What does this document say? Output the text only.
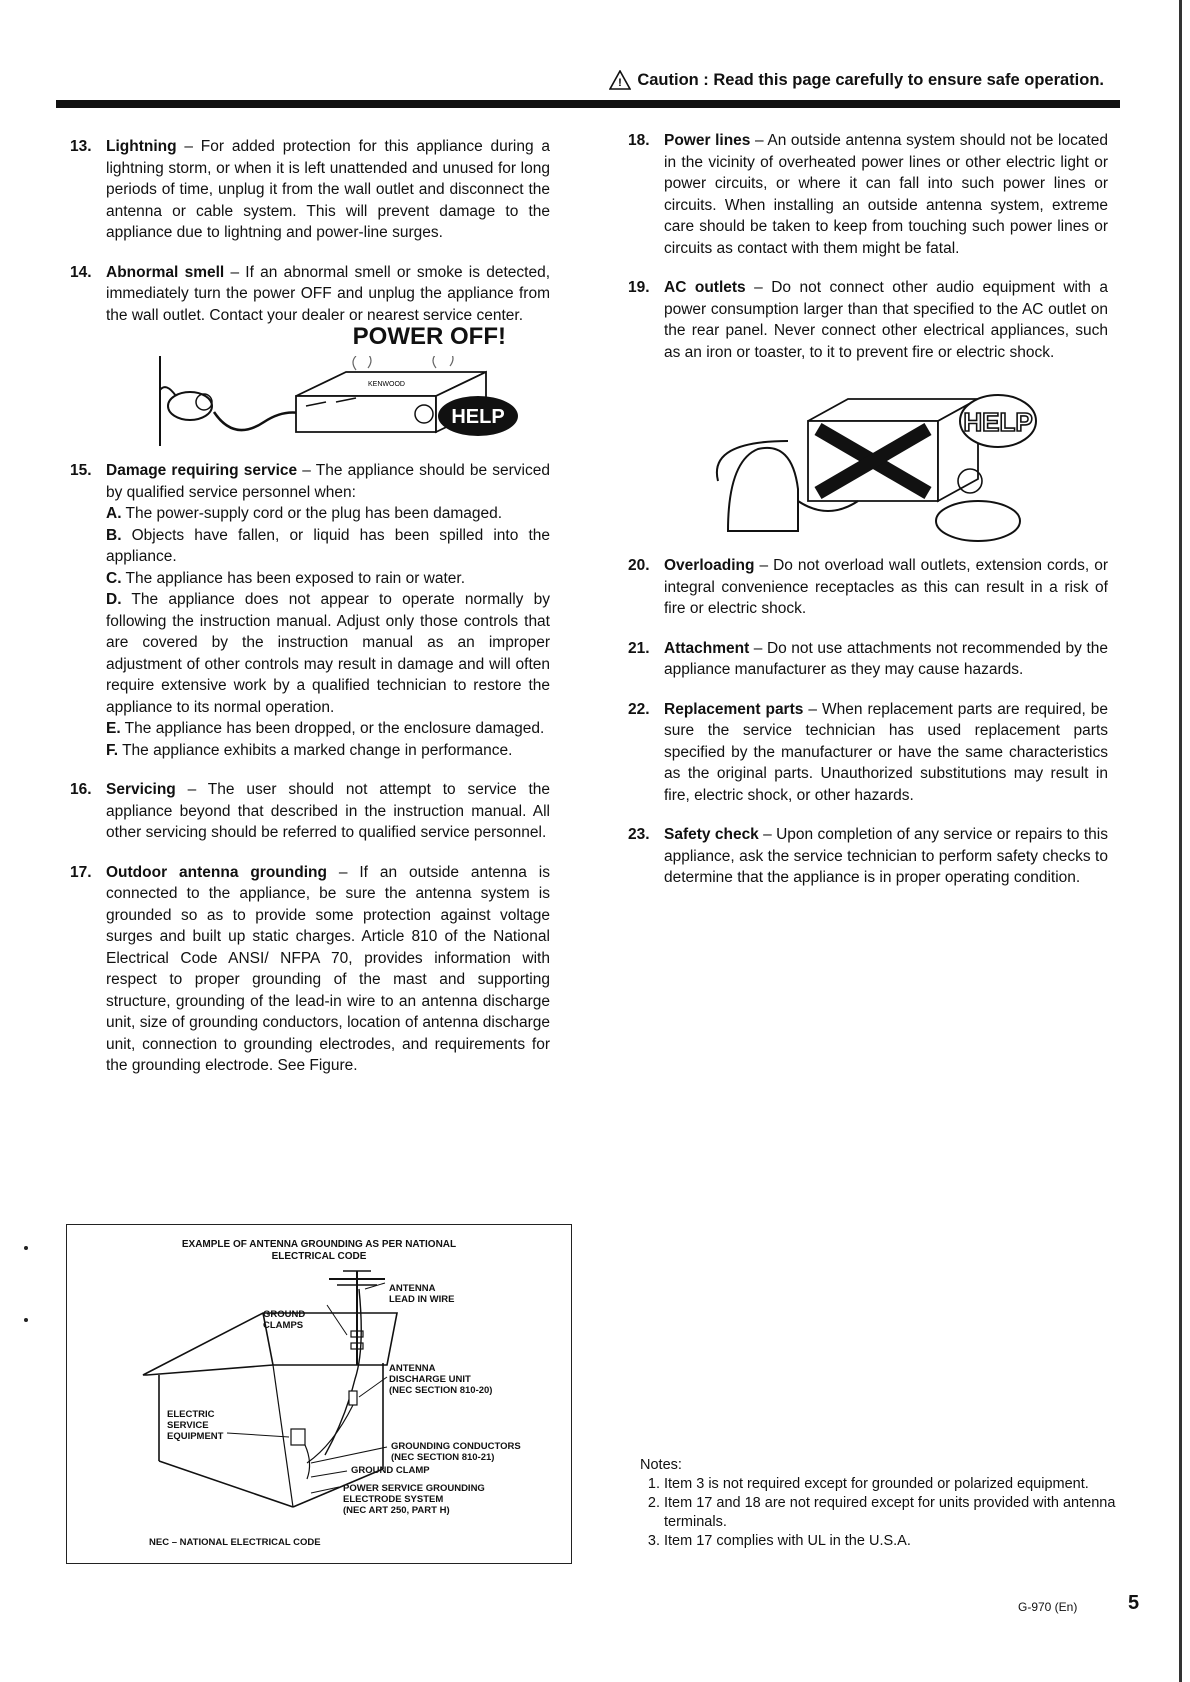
! Caution : Read this page carefully to ensure safe operation.
13. Lightning – For added protection for this appliance during a lightning storm, or when it is left unattended and unused for long periods of time, unplug it from the wall outlet and disconnect the antenna or cable system. This will prevent damage to the appliance due to lightning and power-line surges.
14. Abnormal smell – If an abnormal smell or smoke is detected, immediately turn the power OFF and unplug the appliance from the wall outlet. Contact your dealer or nearest service center.
POWER OFF!
KENWOOD
HELP
15. Damage requiring service – The appliance should be serviced by qualified service personnel when:
A. The power-supply cord or the plug has been damaged.
B. Objects have fallen, or liquid has been spilled into the appliance.
C. The appliance has been exposed to rain or water.
D. The appliance does not appear to operate normally by following the instruction manual. Adjust only those controls that are covered by the instruction manual as an improper adjustment of other controls may result in damage and will often require extensive work by a qualified technician to restore the appliance to its normal operation.
E. The appliance has been dropped, or the enclosure damaged.
F. The appliance exhibits a marked change in performance.
16. Servicing – The user should not attempt to service the appliance beyond that described in the instruction manual. All other servicing should be referred to qualified service personnel.
17. Outdoor antenna grounding – If an outside antenna is connected to the appliance, be sure the antenna system is grounded so as to provide some protection against voltage surges and built up static charges. Article 810 of the National Electrical Code ANSI/ NFPA 70, provides information with respect to proper grounding of the mast and supporting structure, grounding of the lead-in wire to an antenna discharge unit, size of grounding conductors, location of antenna discharge unit, connection to grounding electrodes, and requirements for the grounding electrode. See Figure.
EXAMPLE OF ANTENNA GROUNDING AS PER NATIONAL
ELECTRICAL CODE
ANTENNA
LEAD IN WIRE
GROUND
CLAMPS
ANTENNA
DISCHARGE UNIT
(NEC SECTION 810-20)
ELECTRIC
SERVICE
EQUIPMENT
GROUNDING CONDUCTORS
(NEC SECTION 810-21)
GROUND CLAMP
POWER SERVICE GROUNDING
ELECTRODE SYSTEM
(NEC ART 250, PART H)
NEC – NATIONAL ELECTRICAL CODE
18. Power lines – An outside antenna system should not be located in the vicinity of overheated power lines or other electric light or power circuits, or where it can fall into such power lines or circuits. When installing an outside antenna system, extreme care should be taken to keep from touching such power lines or circuits as contact with them might be fatal.
19. AC outlets – Do not connect other audio equipment with a power consumption larger than that specified to the AC outlet on the rear panel. Never connect other electrical appliances, such as an iron or toaster, to it to prevent fire or electric shock.
HELP
20. Overloading – Do not overload wall outlets, extension cords, or integral convenience receptacles as this can result in a risk of fire or electric shock.
21. Attachment – Do not use attachments not recommended by the appliance manufacturer as they may cause hazards.
22. Replacement parts – When replacement parts are required, be sure the service technician has used replacement parts specified by the manufacturer or have the same characteristics as the original parts. Unauthorized substitutions may result in fire, electric shock, or other hazards.
23. Safety check – Upon completion of any service or repairs to this appliance, ask the service technician to perform safety checks to determine that the appliance is in proper operating condition.
Notes:
1. Item 3 is not required except for grounded or polarized equipment.
2. Item 17 and 18 are not required except for units provided with antenna terminals.
3. Item 17 complies with UL in the U.S.A.
G-970 (En)	5
